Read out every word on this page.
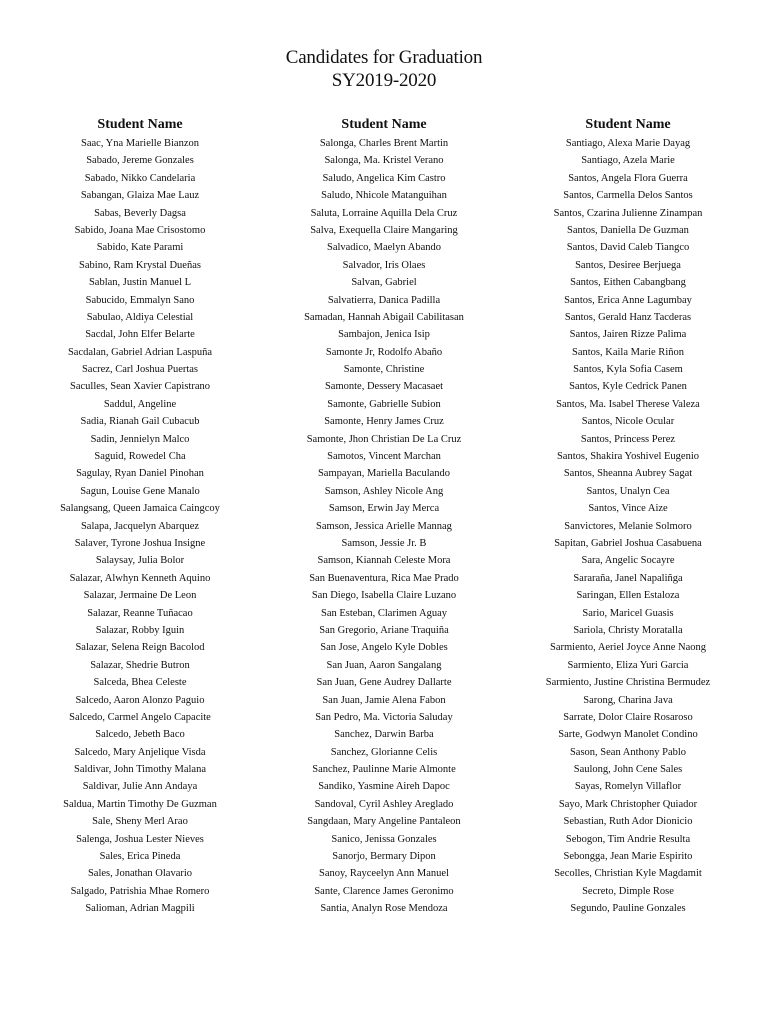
Candidates for Graduation
SY2019-2020
Student Name
Saac, Yna Marielle Bianzon
Sabado, Jereme Gonzales
Sabado, Nikko Candelaria
Sabangan, Glaiza Mae Lauz
Sabas, Beverly Dagsa
Sabido, Joana Mae Crisostomo
Sabido, Kate Parami
Sabino, Ram Krystal Dueñas
Sablan, Justin Manuel L
Sabucido, Emmalyn Sano
Sabulao, Aldiya Celestial
Sacdal, John Elfer Belarte
Sacdalan, Gabriel Adrian Laspuña
Sacrez, Carl Joshua Puertas
Saculles, Sean Xavier Capistrano
Saddul, Angeline
Sadia, Rianah Gail Cubacub
Sadin, Jennielyn Malco
Saguid, Rowedel Cha
Sagulay, Ryan Daniel Pinohan
Sagun, Louise Gene Manalo
Salangsang, Queen Jamaica Caingcoy
Salapa, Jacquelyn Abarquez
Salaver, Tyrone Joshua Insigne
Salaysay, Julia Bolor
Salazar, Alwhyn Kenneth Aquino
Salazar, Jermaine De Leon
Salazar, Reanne Tuñacao
Salazar, Robby Iguin
Salazar, Selena Reign Bacolod
Salazar, Shedrie Butron
Salceda, Bhea Celeste
Salcedo, Aaron Alonzo Paguio
Salcedo, Carmel Angelo Capacite
Salcedo, Jebeth Baco
Salcedo, Mary Anjelique Visda
Saldivar, John Timothy Malana
Saldivar, Julie Ann Andaya
Saldua, Martin Timothy De Guzman
Sale, Sheny Merl Arao
Salenga, Joshua Lester Nieves
Sales, Erica Pineda
Sales, Jonathan Olavario
Salgado, Patrishia Mhae Romero
Salioman, Adrian Magpili
Student Name
Salonga, Charles Brent Martin
Salonga, Ma. Kristel Verano
Saludo, Angelica Kim Castro
Saludo, Nhicole Matanguihan
Saluta, Lorraine Aquilla Dela Cruz
Salva, Exequella Claire Mangaring
Salvadico, Maelyn Abando
Salvador, Iris Olaes
Salvan, Gabriel
Salvatierra, Danica Padilla
Samadan, Hannah Abigail Cabilitasan
Sambajon, Jenica Isip
Samonte Jr, Rodolfo Abaño
Samonte, Christine
Samonte, Dessery Macasaet
Samonte, Gabrielle Subion
Samonte, Henry James Cruz
Samonte, Jhon Christian De La Cruz
Samotos, Vincent Marchan
Sampayan, Mariella Baculando
Samson, Ashley Nicole Ang
Samson, Erwin Jay Merca
Samson, Jessica Arielle Mannag
Samson, Jessie Jr. B
Samson, Kiannah Celeste Mora
San Buenaventura, Rica Mae Prado
San Diego, Isabella Claire Luzano
San Esteban, Clarimen Aguay
San Gregorio, Ariane Traquiña
San Jose, Angelo Kyle Dobles
San Juan, Aaron Sangalang
San Juan, Gene Audrey Dallarte
San Juan, Jamie Alena Fabon
San Pedro, Ma. Victoria Saluday
Sanchez, Darwin Barba
Sanchez, Glorianne Celis
Sanchez, Paulinne Marie Almonte
Sandiko, Yasmine Aireh Dapoc
Sandoval, Cyril Ashley Areglado
Sangdaan, Mary Angeline Pantaleon
Sanico, Jenissa Gonzales
Sanorjo, Bermary Dipon
Sanoy, Rayceelyn Ann Manuel
Sante, Clarence James Geronimo
Santia, Analyn Rose Mendoza
Student Name
Santiago, Alexa Marie Dayag
Santiago, Azela Marie
Santos, Angela Flora Guerra
Santos, Carmella Delos Santos
Santos, Czarina Julienne Zinampan
Santos, Daniella De Guzman
Santos, David Caleb Tiangco
Santos, Desiree Berjuega
Santos, Eithen Cabangbang
Santos, Erica Anne Lagumbay
Santos, Gerald Hanz Tacderas
Santos, Jairen Rizze Palima
Santos, Kaila Marie Riñon
Santos, Kyla Sofia Casem
Santos, Kyle Cedrick Panen
Santos, Ma. Isabel Therese Valeza
Santos, Nicole Ocular
Santos, Princess Perez
Santos, Shakira Yoshivel Eugenio
Santos, Sheanna Aubrey Sagat
Santos, Unalyn Cea
Santos, Vince Aize
Sanvictores, Melanie Solmoro
Sapitan, Gabriel Joshua Casabuena
Sara, Angelic Socayre
Sararaña, Janel Napaliñga
Saringan, Ellen Estaloza
Sario, Maricel Guasis
Sariola, Christy Moratalla
Sarmiento, Aeriel Joyce Anne Naong
Sarmiento, Eliza Yuri Garcia
Sarmiento, Justine Christina Bermudez
Sarong, Charina Java
Sarrate, Dolor Claire Rosaroso
Sarte, Godwyn Manolet Condino
Sason, Sean Anthony Pablo
Saulong, John Cene Sales
Sayas, Romelyn Villaflor
Sayo, Mark Christopher Quiador
Sebastian, Ruth Ador Dionicio
Sebogon, Tim Andrie Resulta
Sebongga, Jean Marie Espirito
Secolles, Christian Kyle Magdamit
Secreto, Dimple Rose
Segundo, Pauline Gonzales
